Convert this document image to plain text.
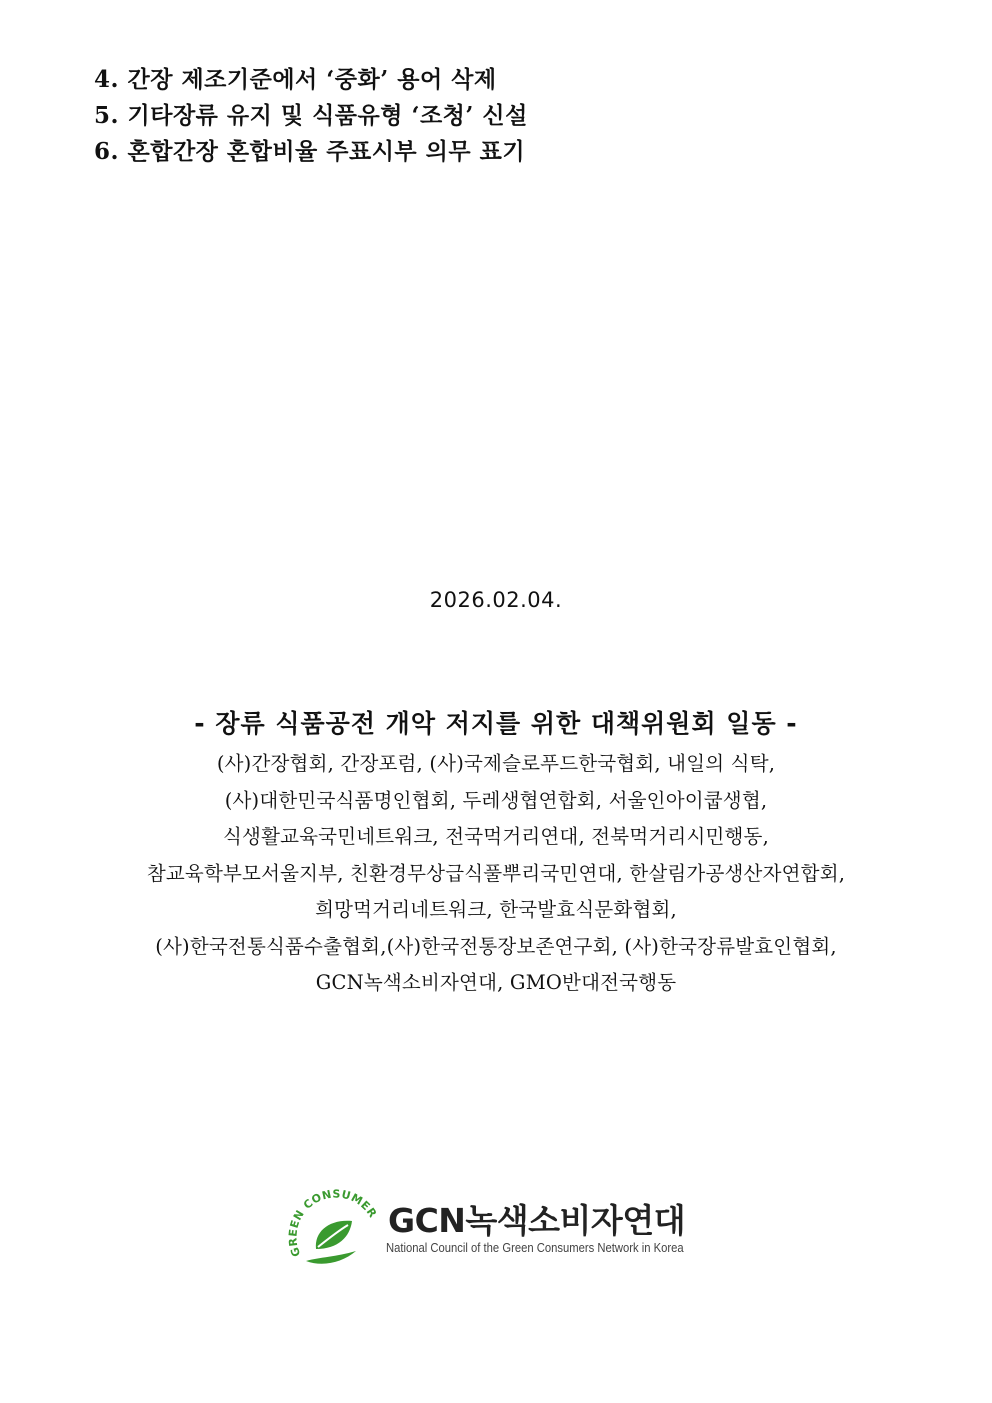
4. 간장 제조기준에서 ‘중화’ 용어 삭제
5. 기타장류 유지 및 식품유형 ‘조청’ 신설
6. 혼합간장 혼합비율 주표시부 의무 표기
2026.02.04.
- 장류 식품공전 개악 저지를 위한 대책위원회 일동 -
(사)간장협회, 간장포럼, (사)국제슬로푸드한국협회, 내일의 식탁,
(사)대한민국식품명인협회, 두레생협연합회, 서울인아이쿱생협,
식생활교육국민네트워크, 전국먹거리연대, 전북먹거리시민행동,
참교육학부모서울지부, 친환경무상급식풀뿌리국민연대, 한살림가공생산자연합회,
희망먹거리네트워크, 한국발효식문화협회,
(사)한국전통식품수출협회,(사)한국전통장보존연구회, (사)한국장류발효인협회,
GCN녹색소비자연대, GMO반대전국행동
GREEN CONSUMER GCN녹색소비자연대
National Council of the Green Consumers Network in Korea
